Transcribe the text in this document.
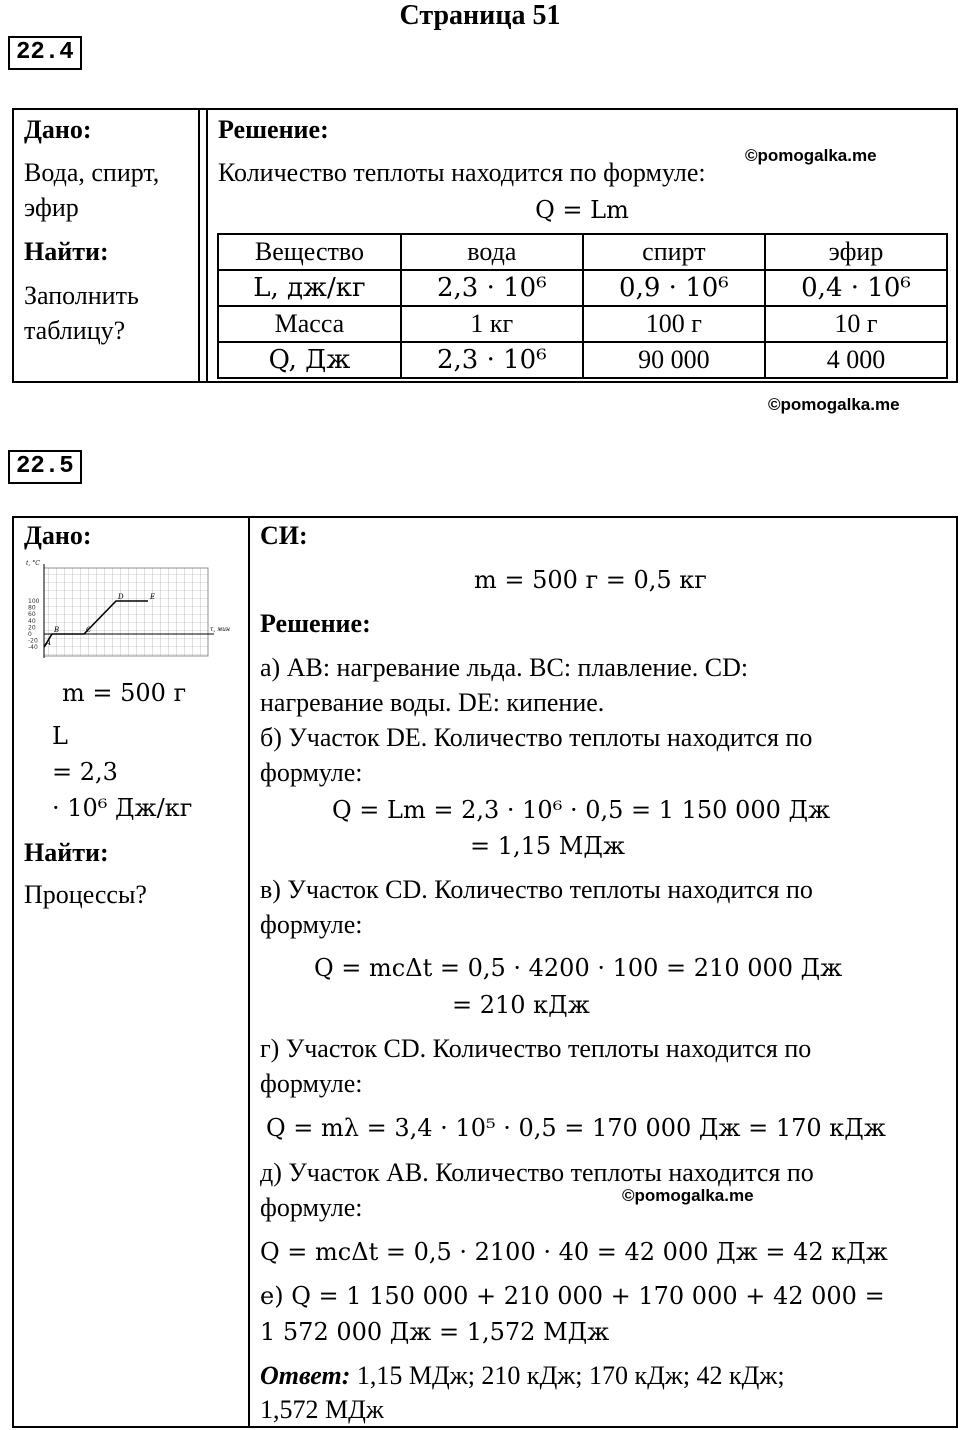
Страница 51
22.4
Дано:
Вода, спирт,
эфир
Найти:
Заполнить
таблицу?
Решение:
Количество теплоты находится по формуле:
©pomogalka.me
Q = Lm
Вещество	вода	спирт	эфир
L, дж/кг	2,3 · 10⁶	0,9 · 10⁶	0,4 · 10⁶
Масса	1 кг	100 г	10 г
Q, Дж	2,3 · 10⁶	90 000	4 000
©pomogalka.me
22.5
Дано:
100
80
60
40
20
0
-20
-40
A
B	C
D	E
t, °C
τ, мин
m = 500 г
L
= 2,3
· 10⁶ Дж/кг
Найти:
Процессы?
СИ:
m = 500 г = 0,5 кг
Решение:
а) AB: нагревание льда. BC: плавление. CD:
нагревание воды. DE: кипение.
б) Участок DE. Количество теплоты находится по
формуле:
Q = Lm = 2,3 · 10⁶ · 0,5 = 1 150 000 Дж
= 1,15 МДж
в) Участок CD. Количество теплоты находится по
формуле:
Q = mcΔt = 0,5 · 4200 · 100 = 210 000 Дж
= 210 кДж
г) Участок CD. Количество теплоты находится по
формуле:
Q = mλ = 3,4 · 10⁵ · 0,5 = 170 000 Дж = 170 кДж
д) Участок AB. Количество теплоты находится по
©pomogalka.me
формуле:
Q = mcΔt = 0,5 · 2100 · 40 = 42 000 Дж = 42 кДж
е) Q = 1 150 000 + 210 000 + 170 000 + 42 000 =
1 572 000 Дж = 1,572 МДж
Ответ: 1,15 МДж; 210 кДж; 170 кДж; 42 кДж;
1,572 МДж
